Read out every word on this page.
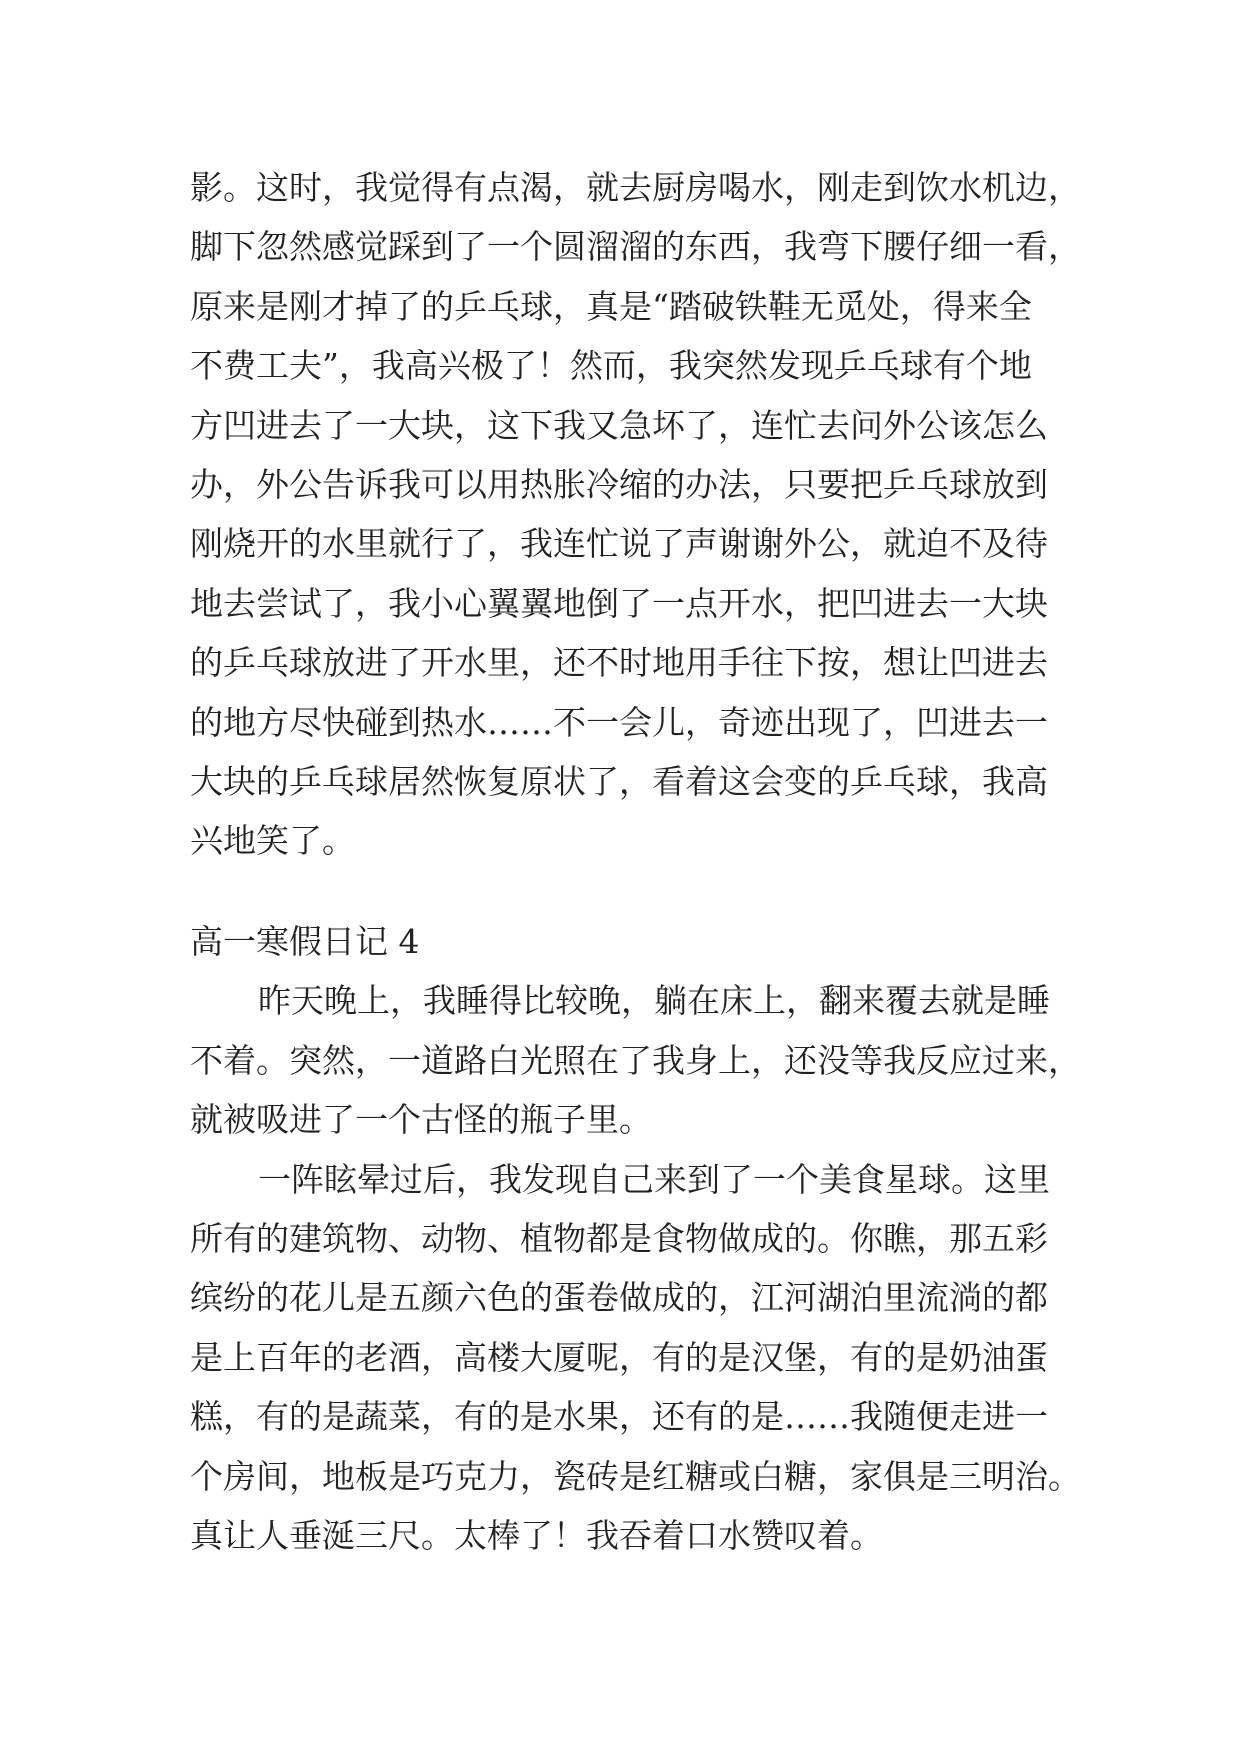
影。这时，我觉得有点渴，就去厨房喝水，刚走到饮水机边，
脚下忽然感觉踩到了一个圆溜溜的东西，我弯下腰仔细一看，
原来是刚才掉了的乒乓球，真是“踏破铁鞋无觅处，得来全
不费工夫”，我高兴极了！然而，我突然发现乒乓球有个地
方凹进去了一大块，这下我又急坏了，连忙去问外公该怎么
办，外公告诉我可以用热胀冷缩的办法，只要把乒乓球放到
刚烧开的水里就行了，我连忙说了声谢谢外公，就迫不及待
地去尝试了，我小心翼翼地倒了一点开水，把凹进去一大块
的乒乓球放进了开水里，还不时地用手往下按，想让凹进去
的地方尽快碰到热水……不一会儿，奇迹出现了，凹进去一
大块的乒乓球居然恢复原状了，看着这会变的乒乓球，我高
兴地笑了。
高一寒假日记 4
昨天晚上，我睡得比较晚，躺在床上，翻来覆去就是睡
不着。突然，一道路白光照在了我身上，还没等我反应过来，
就被吸进了一个古怪的瓶子里。
一阵眩晕过后，我发现自己来到了一个美食星球。这里
所有的建筑物、动物、植物都是食物做成的。你瞧，那五彩
缤纷的花儿是五颜六色的蛋卷做成的，江河湖泊里流淌的都
是上百年的老酒，高楼大厦呢，有的是汉堡，有的是奶油蛋
糕，有的是蔬菜，有的是水果，还有的是……我随便走进一
个房间，地板是巧克力，瓷砖是红糖或白糖，家俱是三明治。
真让人垂涎三尺。太棒了！我吞着口水赞叹着。
